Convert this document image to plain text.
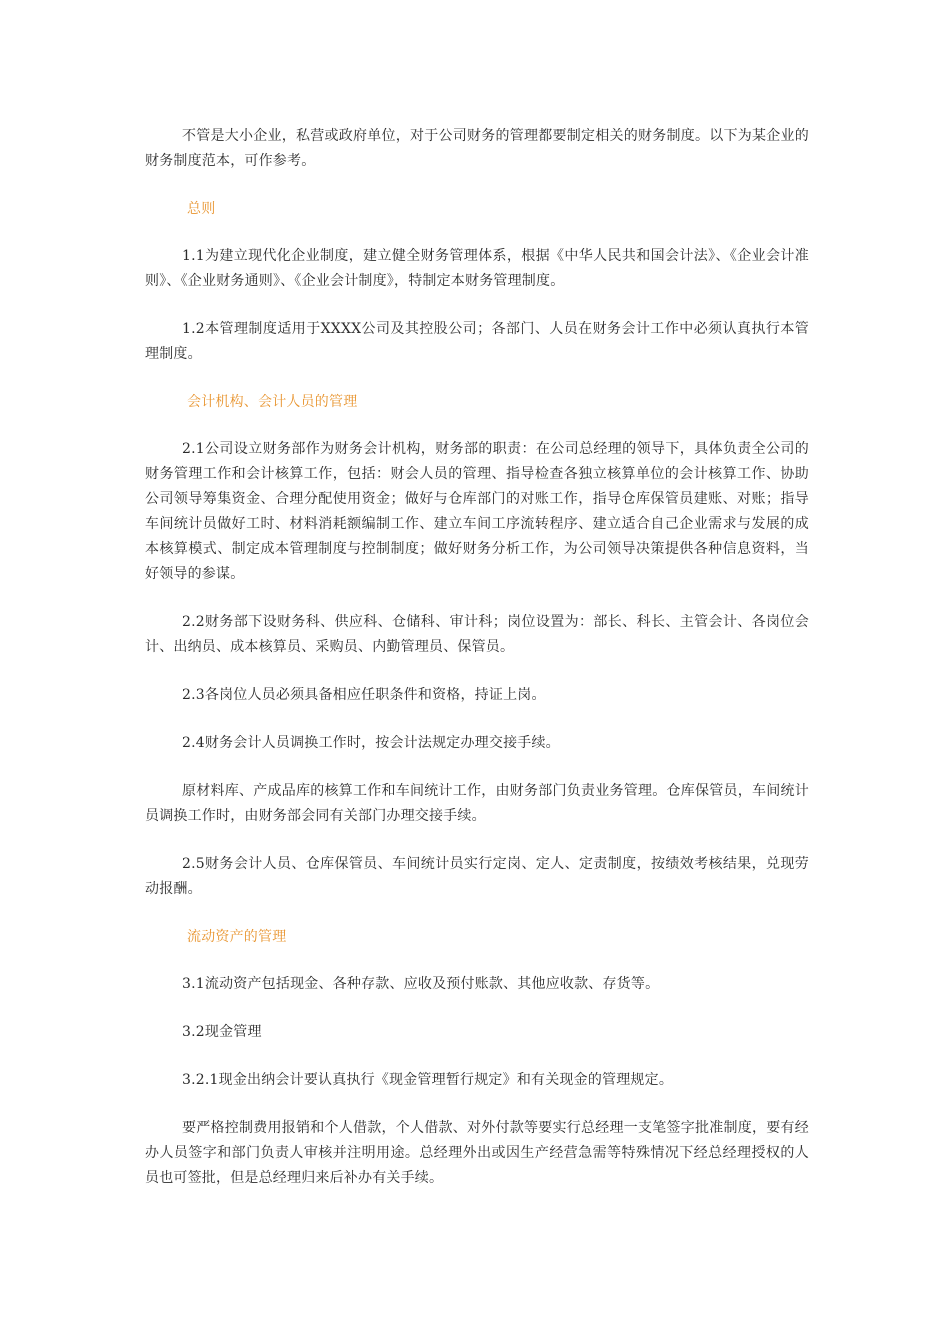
不管是大小企业，私营或政府单位，对于公司财务的管理都要制定相关的财务制度。以下为某企业的财务制度范本，可作参考。

总则

1.1为建立现代化企业制度，建立健全财务管理体系，根据《中华人民共和国会计法》、《企业会计准则》、《企业财务通则》、《企业会计制度》，特制定本财务管理制度。

1.2本管理制度适用于XXXX公司及其控股公司；各部门、人员在财务会计工作中必须认真执行本管理制度。

会计机构、会计人员的管理

2.1公司设立财务部作为财务会计机构，财务部的职责：在公司总经理的领导下，具体负责全公司的财务管理工作和会计核算工作，包括：财会人员的管理、指导检查各独立核算单位的会计核算工作、协助公司领导筹集资金、合理分配使用资金；做好与仓库部门的对账工作，指导仓库保管员建账、对账；指导车间统计员做好工时、材料消耗额编制工作、建立车间工序流转程序、建立适合自己企业需求与发展的成本核算模式、制定成本管理制度与控制制度；做好财务分析工作，为公司领导决策提供各种信息资料，当好领导的参谋。

2.2财务部下设财务科、供应科、仓储科、审计科；岗位设置为：部长、科长、主管会计、各岗位会计、出纳员、成本核算员、采购员、内勤管理员、保管员。

2.3各岗位人员必须具备相应任职条件和资格，持证上岗。

2.4财务会计人员调换工作时，按会计法规定办理交接手续。

原材料库、产成品库的核算工作和车间统计工作，由财务部门负责业务管理。仓库保管员，车间统计员调换工作时，由财务部会同有关部门办理交接手续。

2.5财务会计人员、仓库保管员、车间统计员实行定岗、定人、定责制度，按绩效考核结果，兑现劳动报酬。

流动资产的管理

3.1流动资产包括现金、各种存款、应收及预付账款、其他应收款、存货等。

3.2现金管理

3.2.1现金出纳会计要认真执行《现金管理暂行规定》和有关现金的管理规定。

要严格控制费用报销和个人借款，个人借款、对外付款等要实行总经理一支笔签字批准制度，要有经办人员签字和部门负责人审核并注明用途。总经理外出或因生产经营急需等特殊情况下经总经理授权的人员也可签批，但是总经理归来后补办有关手续。
